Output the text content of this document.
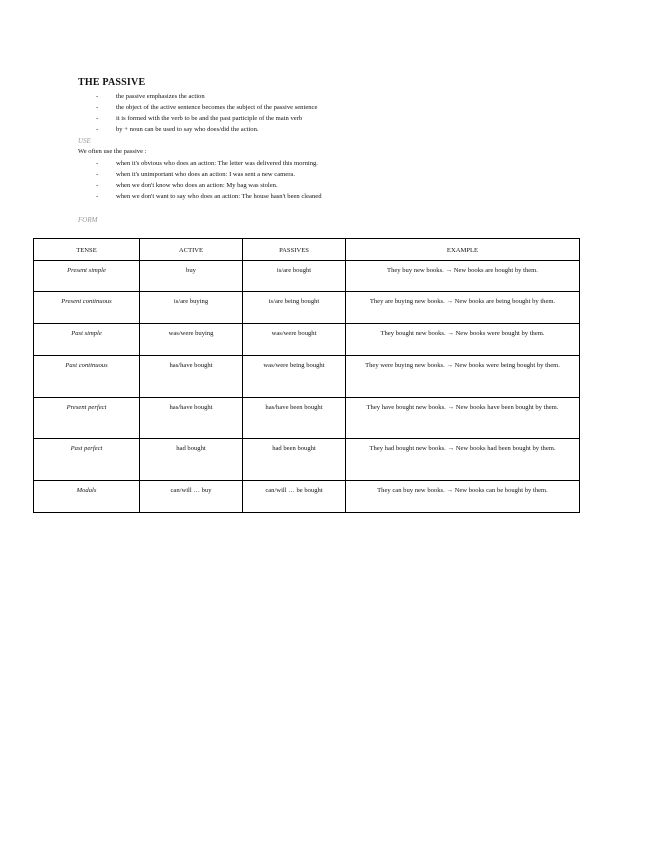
THE PASSIVE
-	the passive emphasizes the action
-	the object of the active sentence becomes the subject of the passive sentence
-	it is formed with the verb to be and the past participle of the main verb
-	by + noun can be used to say who does/did the action.
USE
We often use the passive :
-	when it's obvious who does an action: The letter was delivered this morning.
-	when it's unimportant who does an action: I was sent a new camera.
-	when we don't know who does an action: My bag was stolen.
-	when we don't want to say who does an action: The house hasn't been cleaned
FORM
TENSE	ACTIVE	PASSIVES	EXAMPLE
Present simple	buy	is/are bought	They buy new books. → New books are bought by them.
Present continuous	is/are buying	is/are being bought	They are buying new books. → New books are being bought by them.
Past simple	was/were buying	was/were bought	They bought new books. → New books were bought by them.
Past continuous	has/have bought	was/were being bought	They were buying new books. → New books were being bought by them.
Present perfect	has/have bought	has/have been bought	They have bought new books. → New books have been bought by them.
Past perfect	had bought	had been bought	They had bought new books. → New books had been bought by them.
Modals	can/will … buy	can/will … be bought	They can buy new books. → New books can be bought by them.
